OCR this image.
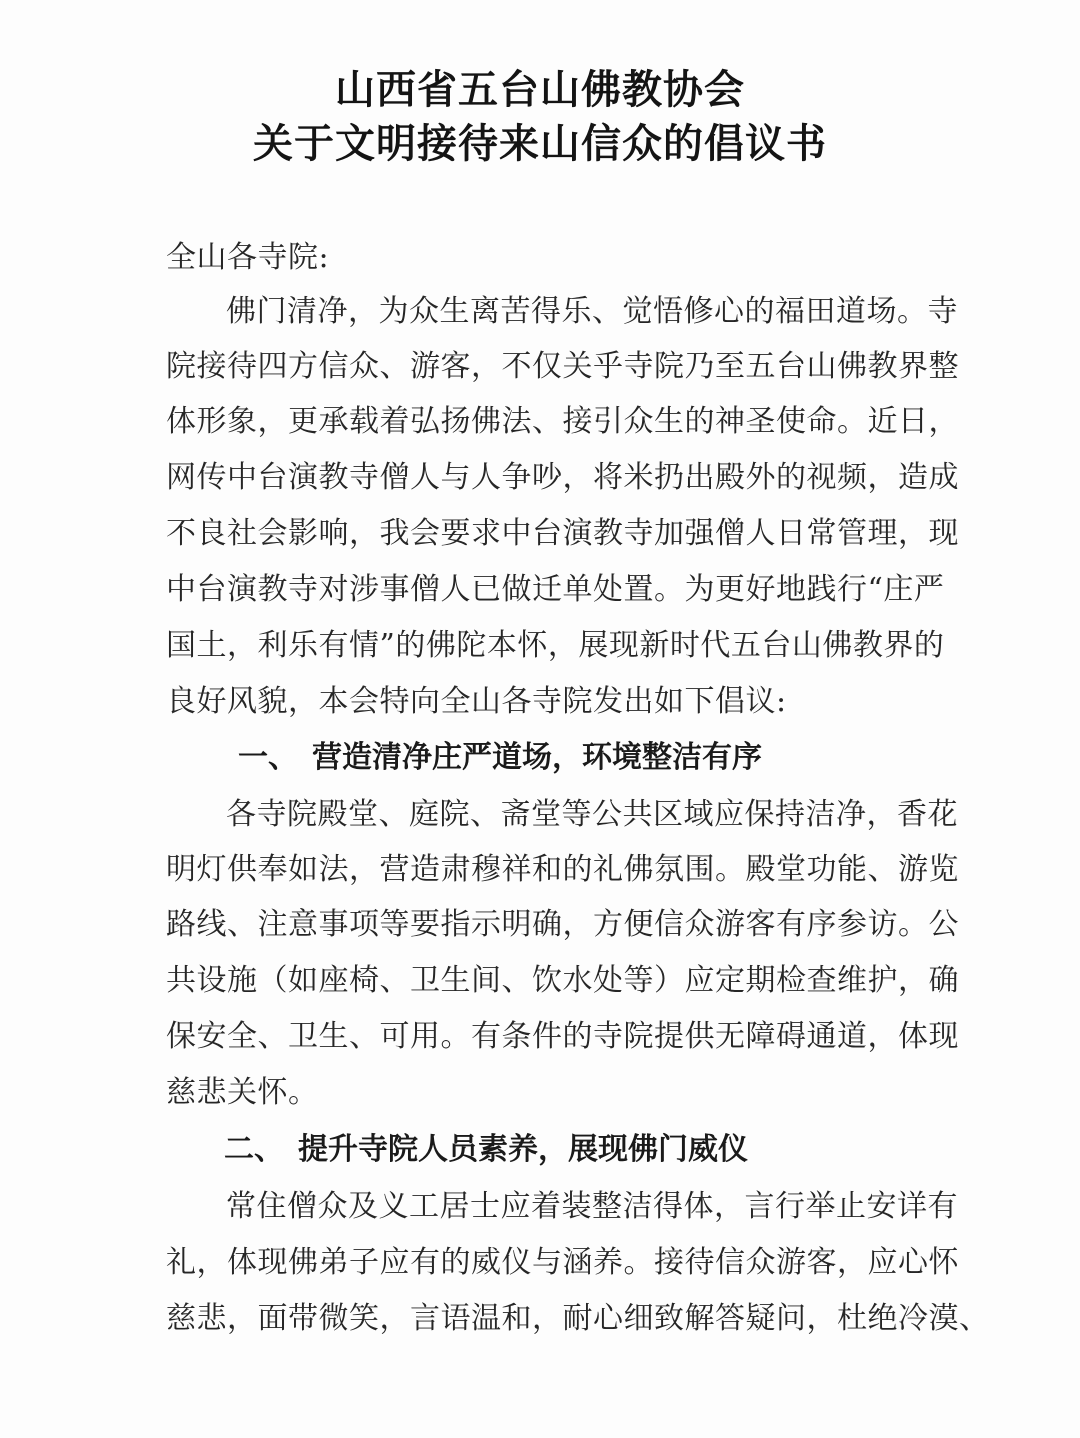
山西省五台山佛教协会
关于文明接待来山信众的倡议书
全山各寺院:
佛门清净，为众生离苦得乐、觉悟修心的福田道场。寺
院接待四方信众、游客，不仅关乎寺院乃至五台山佛教界整
体形象，更承载着弘扬佛法、接引众生的神圣使命。近日，
网传中台演教寺僧人与人争吵，将米扔出殿外的视频，造成
不良社会影响，我会要求中台演教寺加强僧人日常管理，现
中台演教寺对涉事僧人已做迁单处置。为更好地践行“庄严
国土，利乐有情”的佛陀本怀，展现新时代五台山佛教界的
良好风貌，本会特向全山各寺院发出如下倡议:
一、 营造清净庄严道场，环境整洁有序
各寺院殿堂、庭院、斋堂等公共区域应保持洁净，香花
明灯供奉如法，营造肃穆祥和的礼佛氛围。殿堂功能、游览
路线、注意事项等要指示明确，方便信众游客有序参访。公
共设施（如座椅、卫生间、饮水处等）应定期检查维护，确
保安全、卫生、可用。有条件的寺院提供无障碍通道，体现
慈悲关怀。
二、 提升寺院人员素养，展现佛门威仪
常住僧众及义工居士应着装整洁得体，言行举止安详有
礼，体现佛弟子应有的威仪与涵养。接待信众游客，应心怀
慈悲，面带微笑，言语温和，耐心细致解答疑问，杜绝冷漠、
